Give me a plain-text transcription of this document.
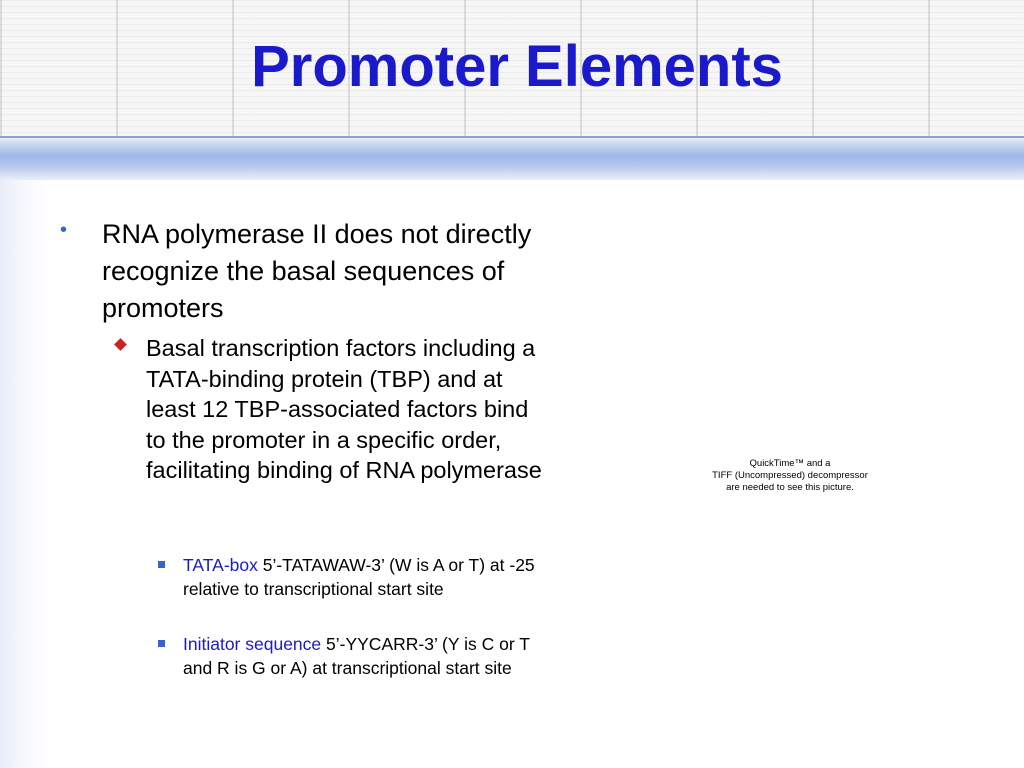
Promoter Elements
QuickTime™ and a
TIFF (Uncompressed) decompressor
are needed to see this picture.
• RNA polymerase II does not directly recognize the basal sequences of promoters
Basal transcription factors including a TATA-binding protein (TBP) and at least 12 TBP-associated factors bind to the promoter in a specific order, facilitating binding of RNA polymerase
TATA-box 5’-TATAWAW-3’ (W is A or T) at -25 relative to transcriptional start site
Initiator sequence 5’-YYCARR-3’ (Y is C or T and R is G or A) at transcriptional start site
